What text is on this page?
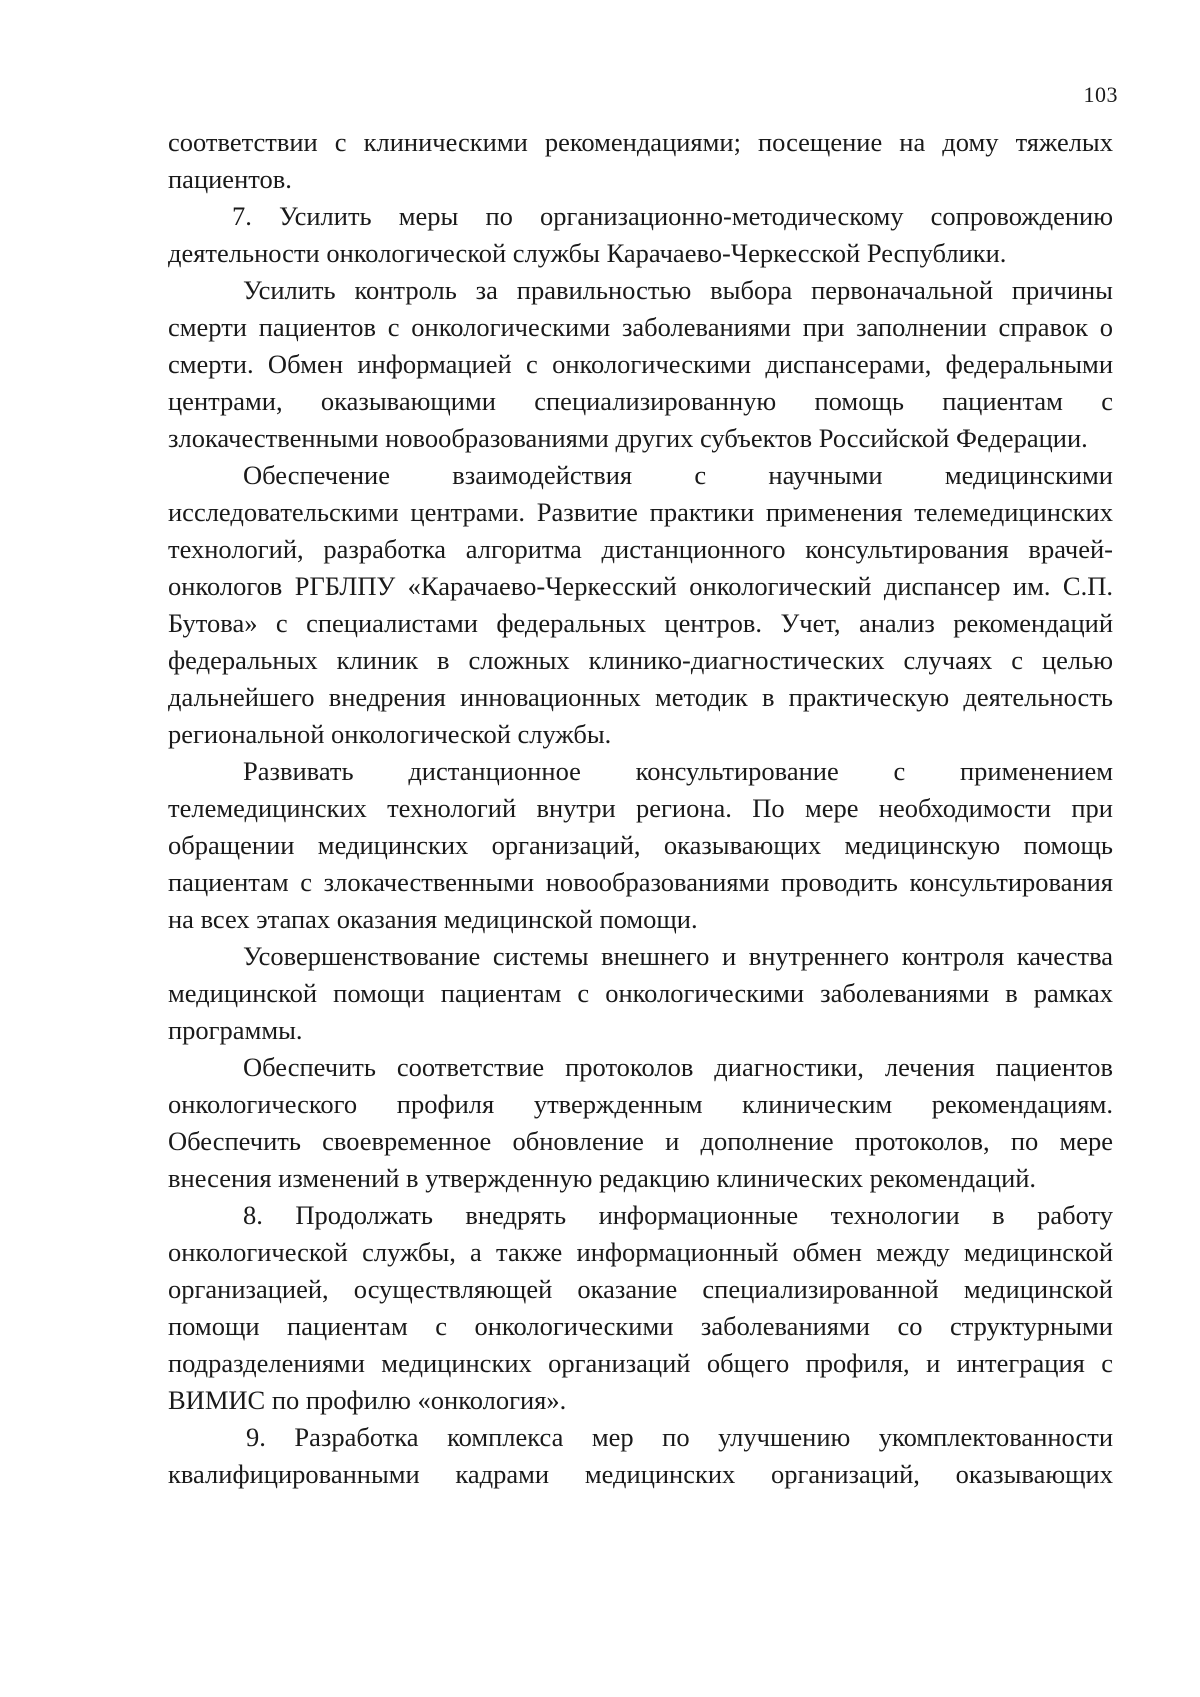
103

соответствии с клиническими рекомендациями; посещение на дому тяжелых пациентов.

7. Усилить меры по организационно-методическому сопровождению деятельности онкологической службы Карачаево-Черкесской Республики.

Усилить контроль за правильностью выбора первоначальной причины смерти пациентов с онкологическими заболеваниями при заполнении справок о смерти. Обмен информацией с онкологическими диспансерами, федеральными центрами, оказывающими специализированную помощь пациентам с злокачественными новообразованиями других субъектов Российской Федерации.

Обеспечение взаимодействия с научными медицинскими исследовательскими центрами. Развитие практики применения телемедицинских технологий, разработка алгоритма дистанционного консультирования врачей-онкологов РГБЛПУ «Карачаево-Черкесский онкологический диспансер им. С.П. Бутова» с специалистами федеральных центров. Учет, анализ рекомендаций федеральных клиник в сложных клинико-диагностических случаях с целью дальнейшего внедрения инновационных методик в практическую деятельность региональной онкологической службы.

Развивать дистанционное консультирование с применением телемедицинских технологий внутри региона. По мере необходимости при обращении медицинских организаций, оказывающих медицинскую помощь пациентам с злокачественными новообразованиями проводить консультирования на всех этапах оказания медицинской помощи.

Усовершенствование системы внешнего и внутреннего контроля качества медицинской помощи пациентам с онкологическими заболеваниями в рамках программы.

Обеспечить соответствие протоколов диагностики, лечения пациентов онкологического профиля утвержденным клиническим рекомендациям. Обеспечить своевременное обновление и дополнение протоколов, по мере внесения изменений в утвержденную редакцию клинических рекомендаций.

8. Продолжать внедрять информационные технологии в работу онкологической службы, а также информационный обмен между медицинской организацией, осуществляющей оказание специализированной медицинской помощи пациентам с онкологическими заболеваниями со структурными подразделениями медицинских организаций общего профиля, и интеграция с ВИМИС по профилю «онкология».

9. Разработка комплекса мер по улучшению укомплектованности квалифицированными кадрами медицинских организаций, оказывающих
